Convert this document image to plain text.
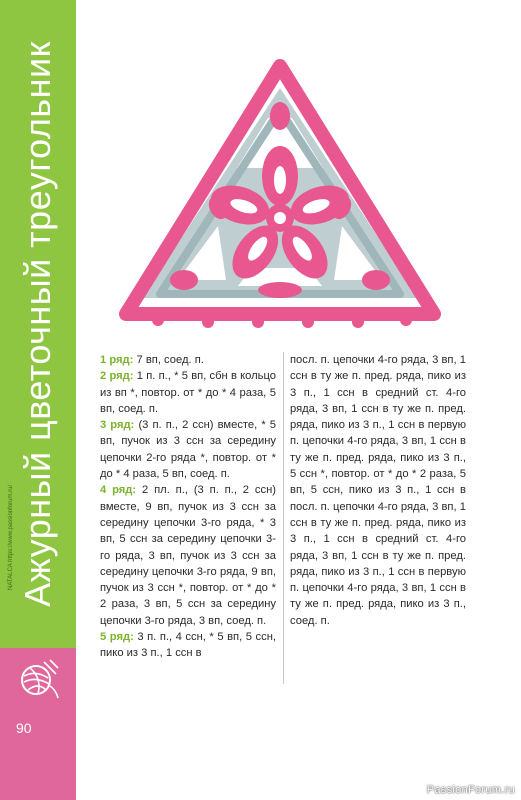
Ажурный цветочный треугольник
NATALCA https://www.passionforum.ru/
90

1 ряд: 7 вп, соед. п.

2 ряд: 1 п. п., * 5 вп, сбн в кольцо из вп *, повтор. от * до * 4 раза, 5 вп, соед. п.

3 ряд: (3 п. п., 2 ссн) вместе, * 5 вп, пучок из 3 ссн за середину цепочки 2-го ряда *, повтор. от * до * 4 раза, 5 вп, соед. п.

4 ряд: 2 пл. п., (3 п. п., 2 ссн) вместе, 9 вп, пучок из 3 ссн за середину цепочки 3-го ряда, * 3 вп, 5 ссн за середину цепочки 3-го ряда, 3 вп, пучок из 3 ссн за середину цепочки 3-го ряда, 9 вп, пучок из 3 ссн *, повтор. от * до * 2 раза, 3 вп, 5 ссн за середину цепочки 3-го ряда, 3 вп, соед. п.

5 ряд: 3 п. п., 4 ссн, * 5 вп, 5 ссн, пико из 3 п., 1 ссн в

посл. п. цепочки 4-го ряда, 3 вп, 1 ссн в ту же п. пред. ряда, пико из 3 п., 1 ссн в средний ст. 4-го ряда, 3 вп, 1 ссн в ту же п. пред. ряда, пико из 3 п., 1 ссн в первую п. цепочки 4-го ряда, 3 вп, 1 ссн в ту же п. пред. ряда, пико из 3 п., 5 ссн *, повтор. от * до * 2 раза, 5 вп, 5 ссн, пико из 3 п., 1 ссн в посл. п. цепочки 4-го ряда, 3 вп, 1 ссн в ту же п. пред. ряда, пико из 3 п., 1 ссн в средний ст. 4-го ряда, 3 вп, 1 ссн в ту же п. пред. ряда, пико из 3 п., 1 ссн в первую п. цепочки 4-го ряда, 3 вп, 1 ссн в ту же п. пред. ряда, пико из 3 п., соед. п.

PassionForum.ru
